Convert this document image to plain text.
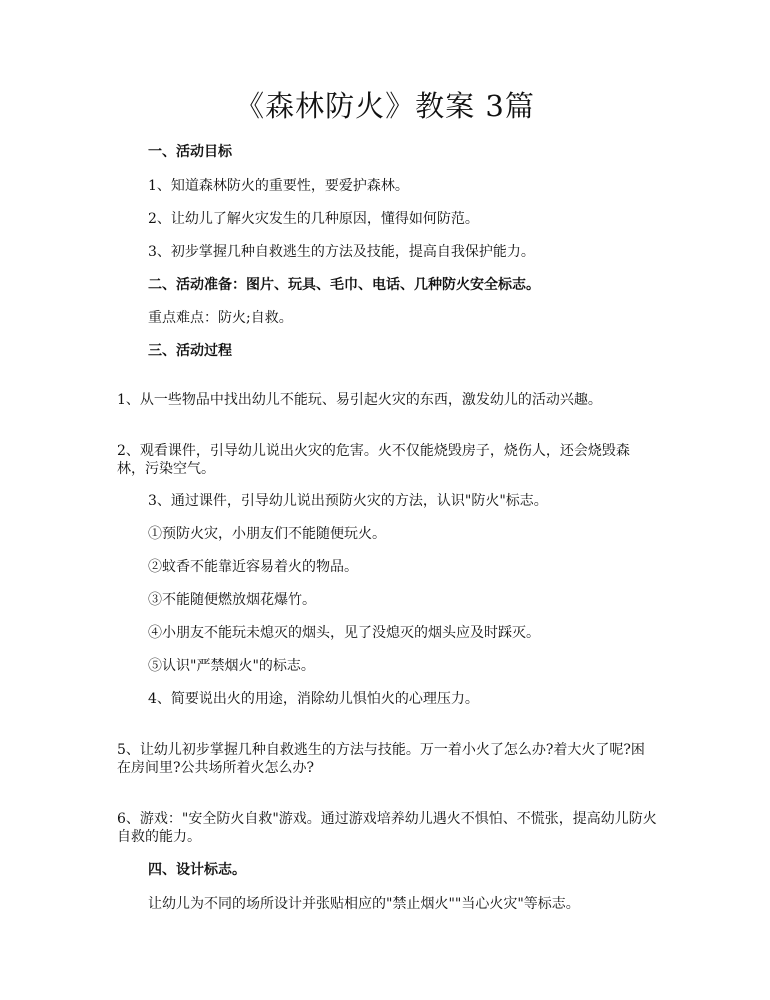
《森林防火》教案 3篇
一、活动目标
1、知道森林防火的重要性，要爱护森林。
2、让幼儿了解火灾发生的几种原因，懂得如何防范。
3、初步掌握几种自救逃生的方法及技能，提高自我保护能力。
二、活动准备：图片、玩具、毛巾、电话、几种防火安全标志。
重点难点：防火;自救。
三、活动过程
1、从一些物品中找出幼儿不能玩、易引起火灾的东西，激发幼儿的活动兴趣。
2、观看课件，引导幼儿说出火灾的危害。火不仅能烧毁房子，烧伤人，还会烧毁森林，污染空气。
3、通过课件，引导幼儿说出预防火灾的方法，认识"防火"标志。
①预防火灾，小朋友们不能随便玩火。
②蚊香不能靠近容易着火的物品。
③不能随便燃放烟花爆竹。
④小朋友不能玩未熄灭的烟头，见了没熄灭的烟头应及时踩灭。
⑤认识"严禁烟火"的标志。
4、简要说出火的用途，消除幼儿惧怕火的心理压力。
5、让幼儿初步掌握几种自救逃生的方法与技能。万一着小火了怎么办?着大火了呢?困在房间里?公共场所着火怎么办?
6、游戏："安全防火自救"游戏。通过游戏培养幼儿遇火不惧怕、不慌张，提高幼儿防火自救的能力。
四、设计标志。
让幼儿为不同的场所设计并张贴相应的"禁止烟火""当心火灾"等标志。
